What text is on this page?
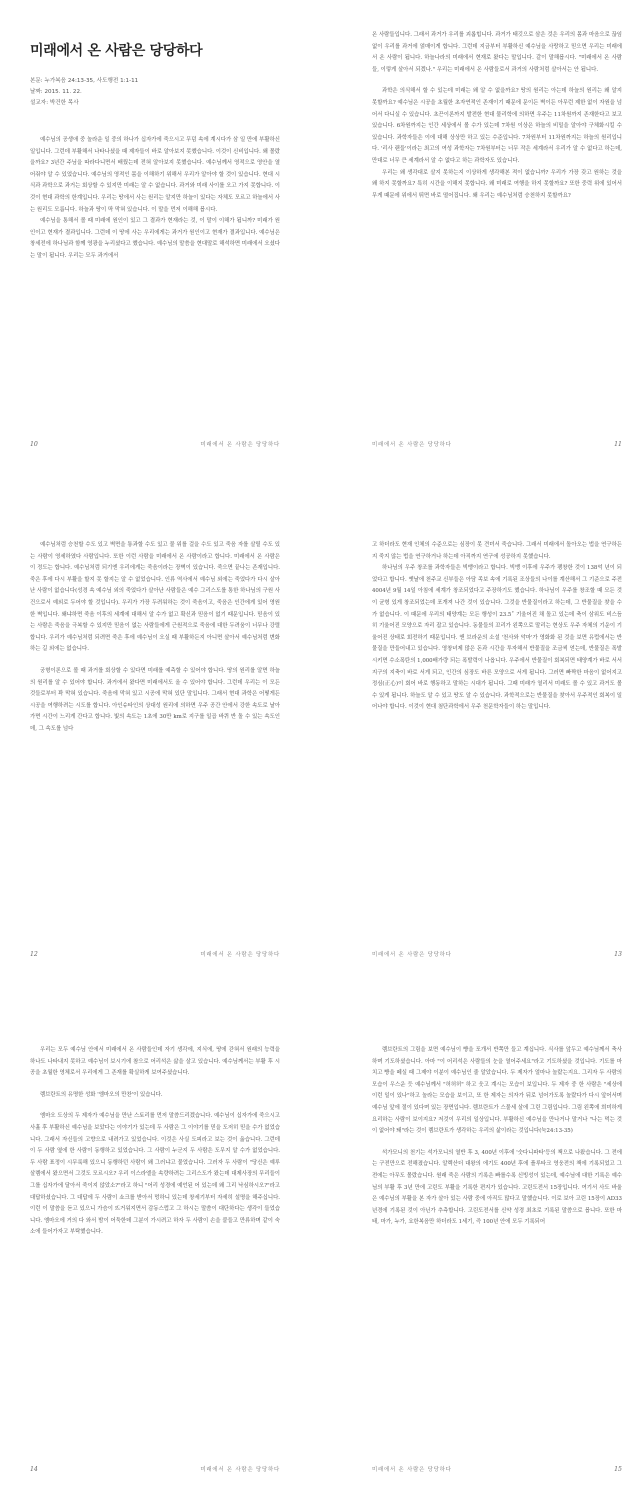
미래에서 온 사람은 당당하다
본문: 누가복음 24:13-35, 사도행전 1:1-11
날짜: 2015. 11. 22.
설교자: 박건한 목사

예수님의 공생애 중 놀라운 일 중의 하나가 십자가에 죽으시고 무덤 속에 계시다가 삼 일 만에 부활하신 일입니다. 그런데 부활해서 나타나셨을 때 제자들이 바로 알아보지 못했습니다. 이것이 신비입니다. 왜 몰랐을까요? 3년간 주님을 따라다니면서 배웠는데 전혀 알아보지 못했습니다. 예수님께서 영적으로 영안을 열어줘야 알 수 있었습니다. 예수님의 영적인 몸을 이해하기 위해서 우리가 알아야 할 것이 있습니다. 현대 시식과 과학으로 과거는 회상할 수 있지만 미래는 알 수 없습니다. 과거와 미래 사이를 오고 가지 못합니다. 이것이 현대 과학의 한계입니다. 우리는 땅에서 사는 원리는 알지만 하늘이 있다는 자체도 모르고 하늘에서 사는 원리도 모릅니다. 하늘과 땅이 딱 막혀 있습니다. 이 말을 먼저 이해해 봅시다.

예수님을 통해서 볼 때 미래에 원인이 있고 그 결과가 현재라는 것, 이 말이 이해가 됩니까? 미래가 원인이고 현재가 결과입니다. 그런데 이 땅에 사는 우리에게는 과거가 원인이고 현재가 결과입니다. 예수님은 창세전에 하나님과 함께 영광을 누리셨다고 했습니다. 예수님의 말씀을 현대말로 해석하면 미래에서 오셨다는 말이 됩니다. 우리는 모두 과거에서

10	미래에서 온 사람은 당당하다

온 사람들입니다. 그래서 과거가 우리를 괴롭힙니다. 과거가 태깃으로 삼은 것은 우리의 몸과 마음으로 끊임없이 우리를 과거에 얽매이게 합니다. 그런데 지금부터 부활하신 예수님을 사랑하고 믿으면 우리는 미래에서 온 사람이 됩니다. 하늘나라의 미래에서 현재로 왔다는 말입니다. 같이 말해봅시다. "미래에서 온 사람들, 이렇게 살아서 되겠나." 우리는 미래에서 온 사람들로서 과거의 사람처럼 살아서는 안 됩니다.

과학은 의식해서 할 수 있는데 미래는 왜 알 수 없을까요? 땅의 원리는 아는데 하늘의 원리는 왜 알지 못할까요? 예수님은 시공을 초월한 초자연적인 존재이기 때문에 문이든 벽이든 아무런 제한 없이 자원을 넘어서 다니실 수 있습니다. 초끈이론까지 발전한 현대 물리학에 의하면 우주는 11차원까지 존재한다고 보고 있습니다. 6차원까지는 인간 세상에서 볼 수가 있는데 7차원 이상은 하늘의 비밀을 알아야 구체화시킬 수 있습니다. 과학자들은 이에 대해 상상만 하고 있는 수준입니다. 7차원부터 11차원까지는 하늘의 원리입니다. '리사 랜들'이라는 최고의 여성 과학자는 7차원부터는 너무 작은 세계라서 우리가 알 수 없다고 하는데, 만대로 너무 큰 세계라서 알 수 없다고 하는 과학자도 있습니다.

우리는 왜 생각대로 살지 못하는지 이상하게 생각해본 적이 없습니까? 우리가 가장 갖고 원하는 것을 왜 하지 못할까요? 특히 시간을 이해지 못합니다. 왜 미래로 여행을 하지 못할까요? 또한 중력 위에 있어서 무게 때문에 위에서 뛰면 바로 떨어집니다. 왜 우리는 예수님처럼 승천하지 못할까요?

미래에서 온 사람은 당당하다	11

예수님처럼 승천할 수도 있고 벽면을 통과할 수도 있고 물 위를 걸을 수도 있고 죽음 자를 살릴 수도 있는 사람이 영세하였다 사람입니다. 또한 이런 사람을 미래에서 온 사람이라고 합니다. 미래에서 온 사람은 이 정도는 합니다. 예수님처럼 되기엔 우리에게는 죽음이라는 장벽이 있습니다. 죽으면 끝나는 존재입니다. 죽은 후에 다시 부활을 할지 못 할지는 알 수 없었습니다. 인류 역사에서 예수님 외에는 죽었다가 다시 살아난 사람이 없습니다(성경 속 예수님 외의 죽었다가 살아난 사람들은 예수 그리스도를 통한 하나님의 구원 사건으로서 예외로 두어야 할 것입니다). 우리가 가장 두려워하는 것이 죽음이고, 죽음은 인간에게 있어 영원한 벽입니다. 왜냐하면 죽음 이후의 세계에 대해서 알 수가 없고 확신과 믿음이 없기 때문입니다. 믿음이 있는 사람은 죽음을 극복할 수 있지만 믿음이 없는 사람들에게 근원적으로 죽음에 대한 두려움이 너무나 강렬합니다. 우리가 예수님처럼 되려면 죽은 후에 예수님이 오실 때 부활하든지 아니면 살아서 예수님처럼 변화하는 길 외에는 없습니다.

궁형이론으로 볼 때 과거를 회상할 수 있다면 미래를 예측할 수 있어야 합니다. 땅의 원리를 알면 하늘의 원리를 알 수 있어야 합니다. 과거에서 왔다면 미래에서도 올 수 있어야 합니다. 그런데 우리는 이 모든 것들로부터 꽉 막혀 있습니다. 죽음에 막혀 있고 시공에 막혀 있단 말입니다. 그래서 현대 과학은 어떻게든 시공을 여행하려는 시도를 합니다. 아인슈타인의 상대성 원리에 의하면 우주 공간 안에서 강한 속도로 날아가면 시간이 느리게 간다고 합니다. 빛의 속도는 1초에 30만 km로 지구를 일곱 바퀴 반 돌 수 있는 속도인데, 그 속도를 넘다

12	미래에서 온 사람은 당당하다

고 하더라도 현재 인체의 수준으로는 심장이 못 견뎌서 죽습니다. 그래서 미래에서 돌아오는 법을 연구하든지 죽지 않는 법을 연구하거나 하는데 아직까지 연구에 성공하지 못했습니다.

하나님의 우주 창조를 과학자들은 빅뱅이라고 합니다. 빅뱅 이후에 우주가 팽창한 것이 138억 년이 되었다고 합니다. 옛날에 천주교 신부들은 아담 족보 속에 기록된 조상들의 나이를 계산해서 그 기준으로 주전 4004년 9월 14일 아침에 세계가 창조되었다고 주장하기도 했습니다. 하나님이 우주를 창조할 때 모든 것이 균형 있게 창조되었는데 포개져 나간 것이 있습니다. 그것을 반물질이라고 하는데, 그 반물질을 찾을 수가 없습니다. 이 때문에 우리의 태양계는 모든 행성이 23.5˚ 기울어진 채 돌고 있는데 축이 삼위도 비스듬히 기울어진 모양으로 자리 잡고 있습니다. 동물들의 꼬리가 왼쪽으로 말리는 현상도 우주 자체의 기운이 기울어진 상태로 회전하기 때문입니다. 앤 브라운의 소설 '천사와 악마'가 영화화 된 것을 보면 유럽에서는 반물질을 만들어내고 있습니다. 영창녀제 많은 돈과 시간을 투자해서 반물질을 조금씩 얻는데, 반물질은 폭발시키면 수소폭탄의 1,000배가량 되는 폭발력이 나옵니다. 우주에서 반물질이 회복되면 태양계가 바로 서서 지구의 지축이 바로 서게 되고, 인간의 심장도 바른 모양으로 서게 됩니다. 그러면 빠짝한 마음이 없어지고 정심(正心)이 회어 바로 행동하고 말하는 시대가 됩니다. 그때 미래가 열리서 미래도 볼 수 있고 과거도 볼 수 있게 됩니다. 하늘도 알 수 있고 땅도 알 수 있습니다. 과학적으로는 반물질을 찾아서 우주적인 회복이 일어나야 합니다. 이것이 현대 첨단과학에서 우주 천문학자들이 하는 말입니다.

미래에서 온 사람은 당당하다	13

우리는 모두 예수님 안에서 미래에서 온 사람들인데 자기 생각에, 지식에, 땅에 갇혀서 원래의 능력을 하나도 나타내지 못하고 예수님이 보시기에 참으로 어리석은 삶을 살고 있습니다. 예수님께서는 부활 후 시공을 초월한 영체로서 우리에게 그 존재를 확실하게 보여주셨습니다.

렘브란트의 유명한 성화 '엠마오의 만찬'이 있습니다.

엠마오 도상의 두 제자가 예수님을 만난 스토리를 먼저 말씀드리겠습니다. 예수님이 십자가에 죽으시고 사흘 후 부활하신 예수님을 보았다는 이야기가 있는데 두 사람은 그 이야기를 믿을 도저히 믿을 수가 없었습니다. 그래서 자신들의 고향으로 내려가고 있었습니다. 이것은 사실 도피라고 보는 것이 옳습니다. 그런데 이 두 사람 옆에 한 사람이 동행하고 있었습니다. 그 사람이 누군지 두 사람은 도무지 알 수가 없었습니다. 두 사람 표정이 시무룩해 있으니 동행하던 사람이 왜 그러냐고 물었습니다. 그러자 두 사람이 "당신은 예루살렘에서 왔으면서 그것도 모르시오? 우리 이스라엘을 속량하려는 그리스도가 왔는데 대제사장의 무리들이 그를 십자가에 달아서 죽이지 않았소?"라고 하니 "어리 성경에 예언된 어 있는데 왜 그리 낙심하시오?"라고 대답하셨습니다. 그 대답에 두 사람이 쇼크를 받아서 멍하니 있는데 창세기부터 자세히 설명을 해주십니다. 이런 이 말씀을 듣고 있으니 가슴이 뜨거워지면서 감동스럽고 그 하시는 말씀이 대단하다는 생각이 들었습니다. 엠마오에 거의 다 와서 밤이 어둑한데 그분이 가시려고 하자 두 사람이 손을 붙들고 만류하며 같이 숙소에 들어가자고 부탁했습니다.

14	미래에서 온 사람은 당당하다

렘브란트의 그림을 보면 예수님이 빵을 포개서 반쪽만 들고 계십니다. 식사를 앞두고 예수님께서 축사하며 기도하셨습니다. 아마 "이 어리석은 사람들의 눈을 열어주세요"라고 기도하셨을 것입니다. 기도를 마치고 빵을 떼실 때 그제야 이분이 예수님인 줄 알았습니다. 두 제자가 얼마나 놀랐는지요. 그리자 두 사람의 모습이 우스운 듯 예수님께서 "허허허" 하고 웃고 계시는 모습이 보입니다. 두 제자 중 한 사람은 "세상에 이런 일이 있나"하고 놀라는 모습을 보이고, 또 한 제자는 의자가 뒤로 넘어가도록 놀랐다가 다시 앞어서며 예수님 앞에 절이 있다며 있는 장면입니다. 렘브란트가 스물세 살에 그린 그림입니다. 그림 왼쪽에 희미하게 요리하는 사람이 보이지요? 저것이 우리의 일상입니다. 부활하신 예수님을 만나거나 말거나 "나는 먹는 것이 없어야 돼"라는 것이 렘브란트가 생각하는 우리의 삶이라는 것입니다(눅24:13-35)

석가모니의 천기는 석가모니의 열반 후 3, 400년 이후에 '숫다니파타'등의 책으로 나왔습니다. 그 전에는 구전만으로 전해졌습니다. 알렉산더 대왕의 에기도 400년 후에 플루타크 영웅전의 책에 기록되었고 그 전에는 아무도 몰랐습니다. 원래 죽은 사람의 기록은 빠를수록 신빙성이 있는데, 예수님에 대한 기록은 예수님의 부활 후 3년 만에 고린도 부활을 기록한 편지가 있습니다. 고린도전서 15장입니다. 여기서 사도 바울은 예수님의 부활을 본 자가 살아 있는 사람 중에 아직도 많다고 말했습니다. 이로 보아 고린 15장이 AD33년경에 기록된 것이 아닌가 추측합니다. 고린도전서를 신약 성경 최초로 기록된 말씀으로 봅니다. 또한 마태, 마가, 누가, 요한복음만 하더라도 1세기, 즉 100년 안에 모두 기록되어

미래에서 온 사람은 당당하다	15
